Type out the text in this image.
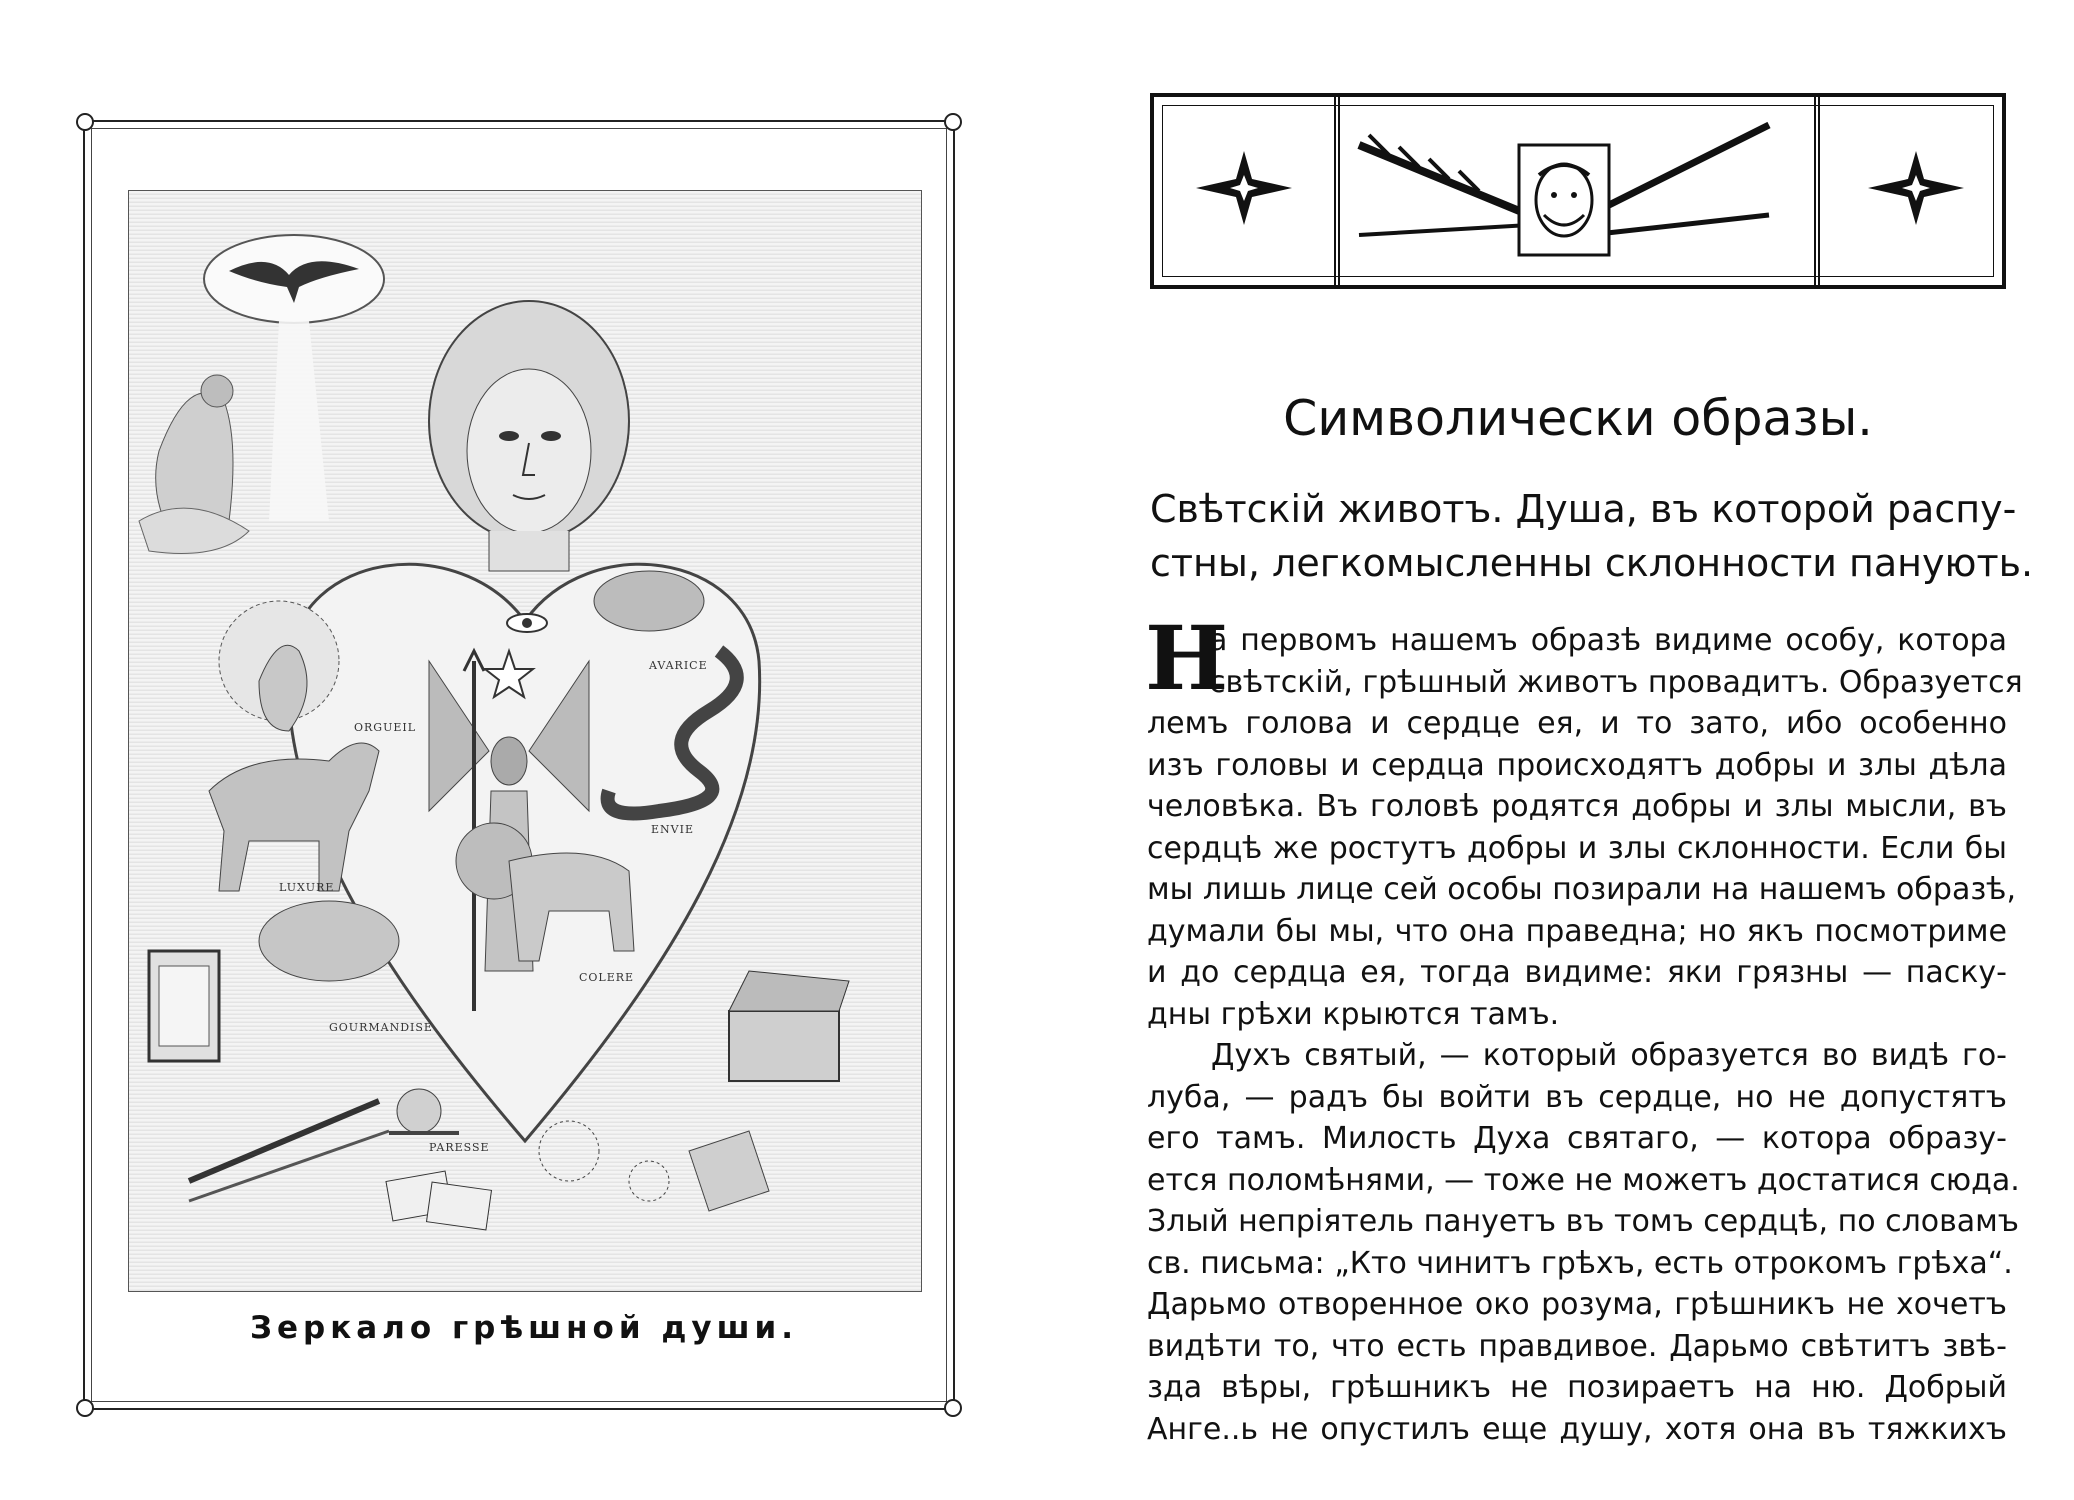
ORGUEIL
AVARICE
ENVIE
LUXURE
COLERE
GOURMANDISE
PARESSE
Зеркало грѣшной души.
Символически образы.
Свѣтскій животъ. Душа, въ которой распу-
стны, легкомысленны склонности панують.
Н
а первомъ нашемъ образѣ видиме особу, котора
свѣтскій, грѣшный животъ провадитъ. Образуется
лемъ голова и сердце ея, и то зато, ибо особенно
изъ головы и сердца происходятъ добры и злы дѣла
человѣка. Въ головѣ родятся добры и злы мысли, въ
сердцѣ же ростутъ добры и злы склонности. Если бы
мы лишь лице сей особы позирали на нашемъ образѣ,
думали бы мы, что она праведна; но якъ посмотриме
и до сердца ея, тогда видиме: яки грязны — паску-
дны грѣхи крыются тамъ.
Духъ святый, — который образуется во видѣ го-
луба, — радъ бы войти въ сердце, но не допустятъ
его тамъ. Милость Духа святаго, — котора образу-
ется поломѣнями, — тоже не можетъ достатися сюда.
Злый непріятель пануетъ въ томъ сердцѣ, по словамъ
св. письма: „Кто чинитъ грѣхъ, есть отрокомъ грѣха“.
Дарьмо отворенное око розума, грѣшникъ не хочетъ
видѣти то, что есть правдивое. Дарьмо свѣтитъ звѣ-
зда вѣры, грѣшникъ не позираетъ на ню. Добрый
Анге..ь не опустилъ еще душу, хотя она въ тяжкихъ
